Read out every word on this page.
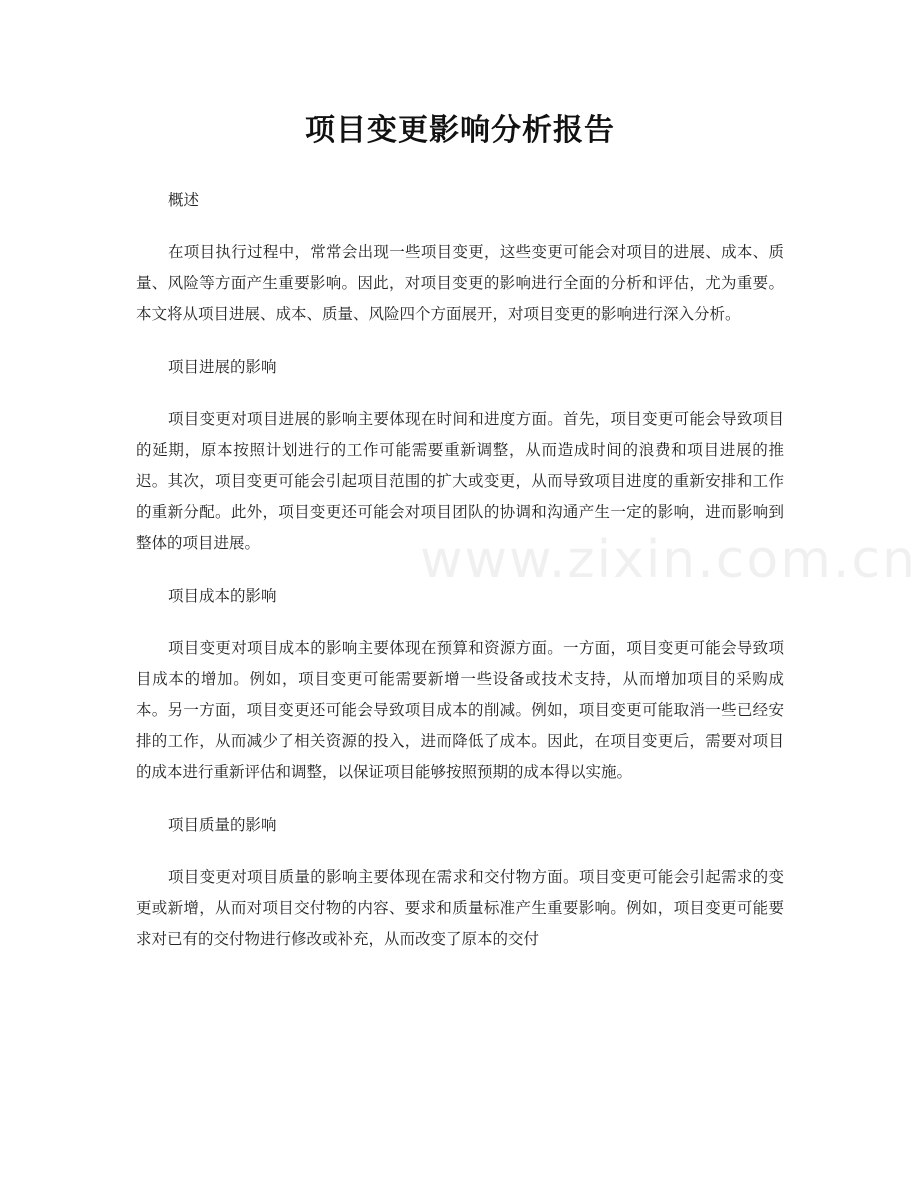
www.zixin.com.cn
项目变更影响分析报告
概述

在项目执行过程中，常常会出现一些项目变更，这些变更可能会对项目的进展、成本、质量、风险等方面产生重要影响。因此，对项目变更的影响进行全面的分析和评估，尤为重要。本文将从项目进展、成本、质量、风险四个方面展开，对项目变更的影响进行深入分析。

项目进展的影响

项目变更对项目进展的影响主要体现在时间和进度方面。首先，项目变更可能会导致项目的延期，原本按照计划进行的工作可能需要重新调整，从而造成时间的浪费和项目进展的推迟。其次，项目变更可能会引起项目范围的扩大或变更，从而导致项目进度的重新安排和工作的重新分配。此外，项目变更还可能会对项目团队的协调和沟通产生一定的影响，进而影响到整体的项目进展。

项目成本的影响

项目变更对项目成本的影响主要体现在预算和资源方面。一方面，项目变更可能会导致项目成本的增加。例如，项目变更可能需要新增一些设备或技术支持，从而增加项目的采购成本。另一方面，项目变更还可能会导致项目成本的削减。例如，项目变更可能取消一些已经安排的工作，从而减少了相关资源的投入，进而降低了成本。因此，在项目变更后，需要对项目的成本进行重新评估和调整，以保证项目能够按照预期的成本得以实施。

项目质量的影响

项目变更对项目质量的影响主要体现在需求和交付物方面。项目变更可能会引起需求的变更或新增，从而对项目交付物的内容、要求和质量标准产生重要影响。例如，项目变更可能要求对已有的交付物进行修改或补充，从而改变了原本的交付
